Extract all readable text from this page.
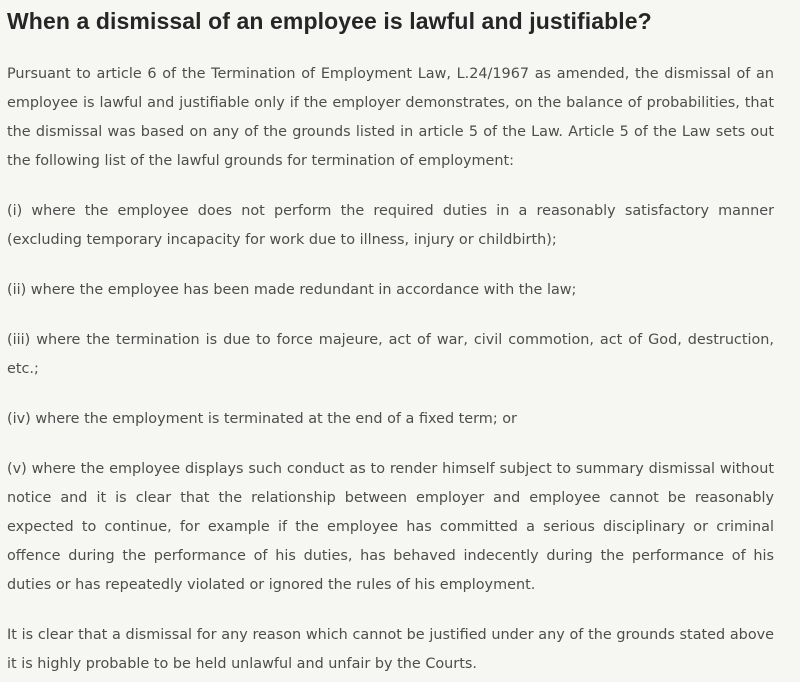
When a dismissal of an employee is lawful and justifiable?

Pursuant to article 6 of the Termination of Employment Law, L.24/1967 as amended, the dismissal of an employee is lawful and justifiable only if the employer demonstrates, on the balance of probabilities, that the dismissal was based on any of the grounds listed in article 5 of the Law. Article 5 of the Law sets out the following list of the lawful grounds for termination of employment:

(i) where the employee does not perform the required duties in a reasonably satisfactory manner (excluding temporary incapacity for work due to illness, injury or childbirth);

(ii) where the employee has been made redundant in accordance with the law;

(iii) where the termination is due to force majeure, act of war, civil commotion, act of God, destruction, etc.;

(iv) where the employment is terminated at the end of a fixed term; or

(v) where the employee displays such conduct as to render himself subject to summary dismissal without notice and it is clear that the relationship between employer and employee cannot be reasonably expected to continue, for example if the employee has committed a serious disciplinary or criminal offence during the performance of his duties, has behaved indecently during the performance of his duties or has repeatedly violated or ignored the rules of his employment.

It is clear that a dismissal for any reason which cannot be justified under any of the grounds stated above it is highly probable to be held unlawful and unfair by the Courts.
